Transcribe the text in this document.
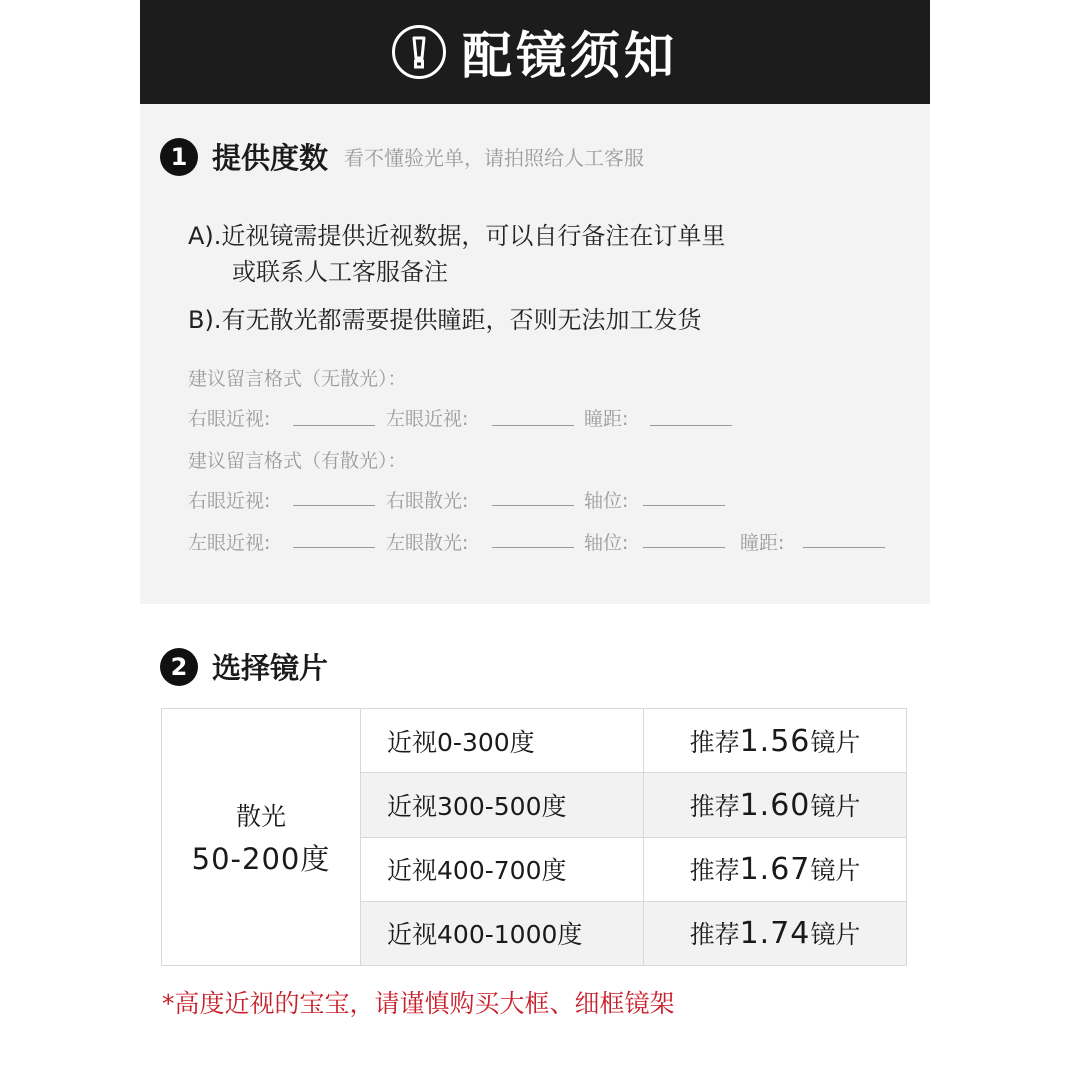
配镜须知
1 提供度数 看不懂验光单，请拍照给人工客服
A).近视镜需提供近视数据，可以自行备注在订单里
或联系人工客服备注
B).有无散光都需要提供瞳距，否则无法加工发货
建议留言格式（无散光）：
右眼近视:	左眼近视:	瞳距:
建议留言格式（有散光）：
右眼近视:	右眼散光:	轴位:
左眼近视:	左眼散光:	轴位:	瞳距:
2 选择镜片
散光
50-200度	近视0-300度	推荐1.56镜片
	近视300-500度	推荐1.60镜片
	近视400-700度	推荐1.67镜片
	近视400-1000度	推荐1.74镜片
*高度近视的宝宝，请谨慎购买大框、细框镜架
